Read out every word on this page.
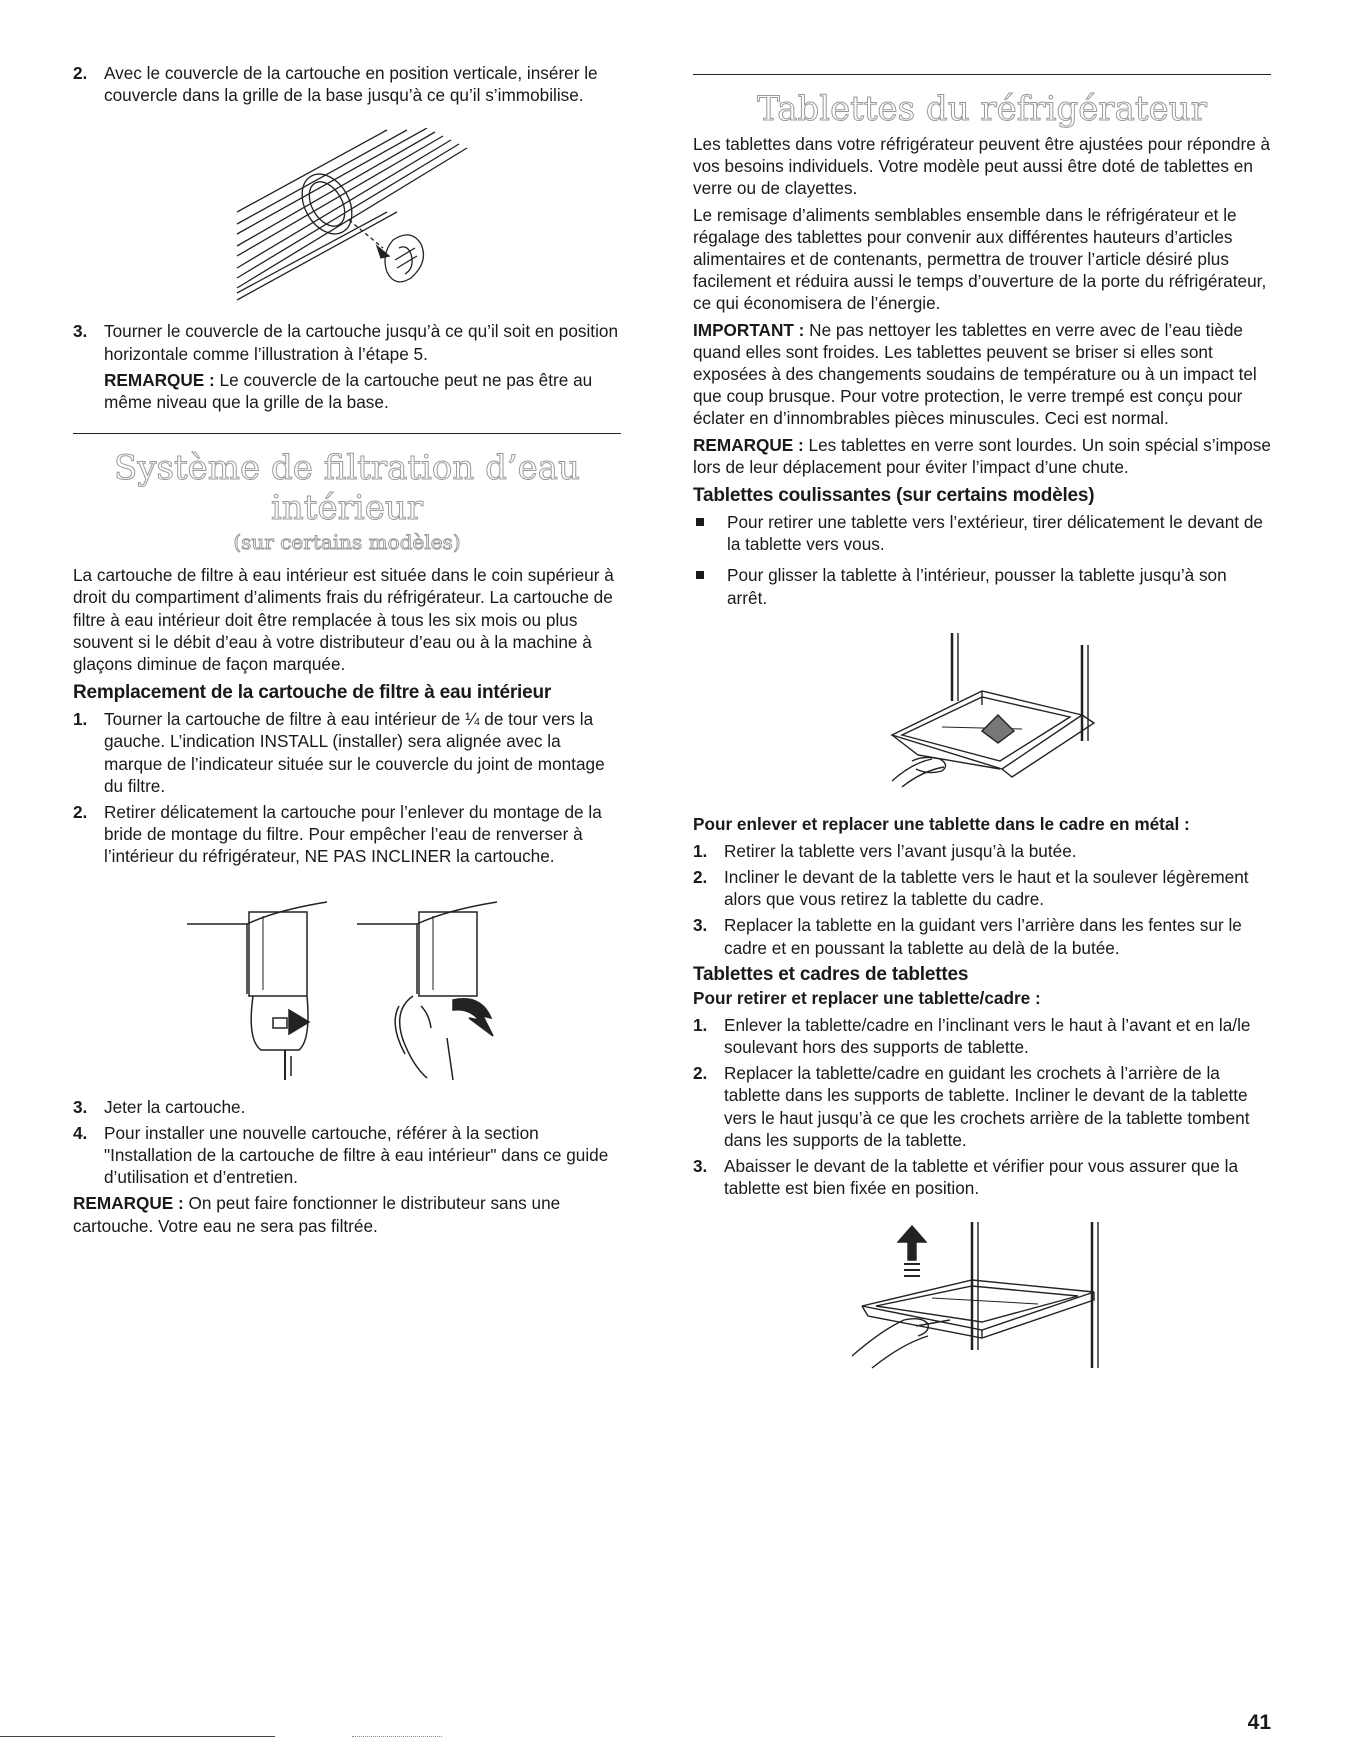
2. Avec le couvercle de la cartouche en position verticale, insérer le couvercle dans la grille de la base jusqu’à ce qu’il s’immobilise.
3. Tourner le couvercle de la cartouche jusqu’à ce qu’il soit en position horizontale comme l’illustration à l’étape 5.
REMARQUE : Le couvercle de la cartouche peut ne pas être au même niveau que la grille de la base.
Système de filtration d’eau intérieur
(sur certains modèles)

La cartouche de filtre à eau intérieur est située dans le coin supérieur à droit du compartiment d’aliments frais du réfrigérateur. La cartouche de filtre à eau intérieur doit être remplacée à tous les six mois ou plus souvent si le débit d’eau à votre distributeur d’eau ou à la machine à glaçons diminue de façon marquée.

Remplacement de la cartouche de filtre à eau intérieur
1. Tourner la cartouche de filtre à eau intérieur de ¼ de tour vers la gauche. L’indication INSTALL (installer) sera alignée avec la marque de l’indicateur située sur le couvercle du joint de montage du filtre.
2. Retirer délicatement la cartouche pour l’enlever du montage de la bride de montage du filtre. Pour empêcher l’eau de renverser à l’intérieur du réfrigérateur, NE PAS INCLINER la cartouche.
3. Jeter la cartouche.
4. Pour installer une nouvelle cartouche, référer à la section "Installation de la cartouche de filtre à eau intérieur" dans ce guide d’utilisation et d’entretien.

REMARQUE : On peut faire fonctionner le distributeur sans une cartouche. Votre eau ne sera pas filtrée.

Tablettes du réfrigérateur

Les tablettes dans votre réfrigérateur peuvent être ajustées pour répondre à vos besoins individuels. Votre modèle peut aussi être doté de tablettes en verre ou de clayettes.

Le remisage d’aliments semblables ensemble dans le réfrigérateur et le régalage des tablettes pour convenir aux différentes hauteurs d’articles alimentaires et de contenants, permettra de trouver l’article désiré plus facilement et réduira aussi le temps d’ouverture de la porte du réfrigérateur, ce qui économisera de l’énergie.

IMPORTANT : Ne pas nettoyer les tablettes en verre avec de l’eau tiède quand elles sont froides. Les tablettes peuvent se briser si elles sont exposées à des changements soudains de température ou à un impact tel que coup brusque. Pour votre protection, le verre trempé est conçu pour éclater en d’innombrables pièces minuscules. Ceci est normal.

REMARQUE : Les tablettes en verre sont lourdes. Un soin spécial s’impose lors de leur déplacement pour éviter l’impact d’une chute.

Tablettes coulissantes (sur certains modèles)
Pour retirer une tablette vers l’extérieur, tirer délicatement le devant de la tablette vers vous.
Pour glisser la tablette à l’intérieur, pousser la tablette jusqu’à son arrêt.
Pour enlever et replacer une tablette dans le cadre en métal :
1. Retirer la tablette vers l’avant jusqu’à la butée.
2. Incliner le devant de la tablette vers le haut et la soulever légèrement alors que vous retirez la tablette du cadre.
3. Replacer la tablette en la guidant vers l’arrière dans les fentes sur le cadre et en poussant la tablette au delà de la butée.
Tablettes et cadres de tablettes
Pour retirer et replacer une tablette/cadre :
1. Enlever la tablette/cadre en l’inclinant vers le haut à l’avant et en la/le soulevant hors des supports de tablette.
2. Replacer la tablette/cadre en guidant les crochets à l’arrière de la tablette dans les supports de tablette. Incliner le devant de la tablette vers le haut jusqu’à ce que les crochets arrière de la tablette tombent dans les supports de la tablette.
3. Abaisser le devant de la tablette et vérifier pour vous assurer que la tablette est bien fixée en position.
41
